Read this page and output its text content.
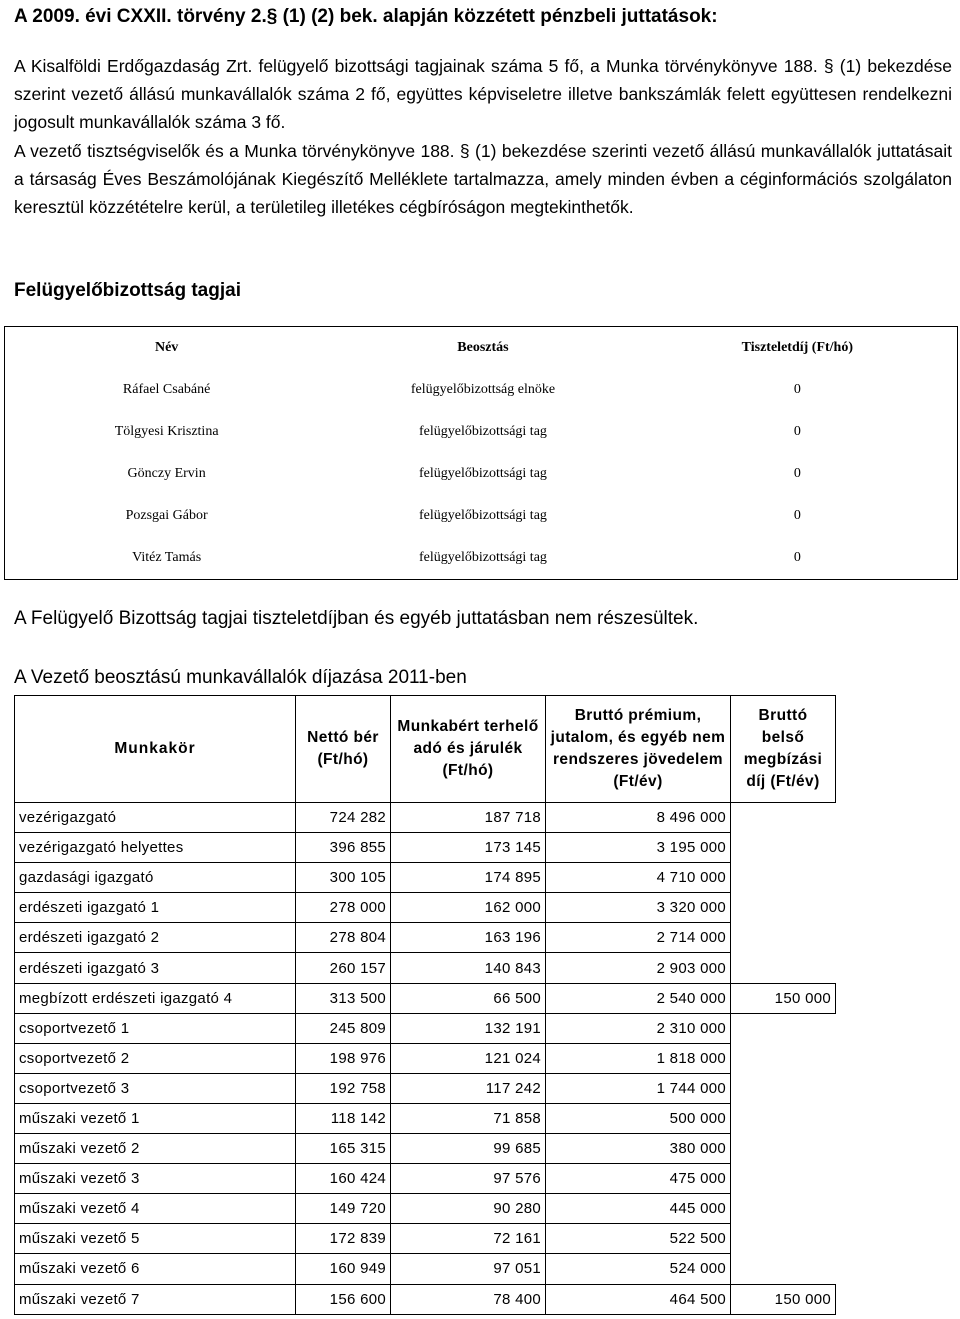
A 2009. évi CXXII. törvény 2.§ (1) (2) bek. alapján közzétett pénzbeli juttatások:

A Kisalföldi Erdőgazdaság Zrt. felügyelő bizottsági tagjainak száma 5 fő, a Munka törvénykönyve 188. § (1) bekezdése szerint vezető állású munkavállalók száma 2 fő, együttes képviseletre illetve bankszámlák felett együttesen rendelkezni jogosult munkavállalók száma 3 fő.

A vezető tisztségviselők és a Munka törvénykönyve 188. § (1) bekezdése szerinti vezető állású munkavállalók juttatásait a társaság Éves Beszámolójának Kiegészítő Melléklete tartalmazza, amely minden évben a céginformációs szolgálaton keresztül közzétételre kerül, a területileg illetékes cégbíróságon megtekinthetők.

Felügyelőbizottság tagjai
Név	Beosztás	Tiszteletdíj (Ft/hó)
Ráfael Csabáné	felügyelőbizottság elnöke	0
Tölgyesi Krisztina	felügyelőbizottsági tag	0
Gönczy Ervin	felügyelőbizottsági tag	0
Pozsgai Gábor	felügyelőbizottsági tag	0
Vitéz Tamás	felügyelőbizottsági tag	0
A Felügyelő Bizottság tagjai tiszteletdíjban és egyéb juttatásban nem részesültek.
A Vezető beosztású munkavállalók díjazása 2011-ben
Munkakör	Nettó bér (Ft/hó)	Munkabért terhelő adó és járulék (Ft/hó)	Bruttó prémium, jutalom, és egyéb nem rendszeres jövedelem (Ft/év)	Bruttó belső megbízási díj (Ft/év)
vezérigazgató	724 282	187 718	8 496 000	
vezérigazgató helyettes	396 855	173 145	3 195 000	
gazdasági igazgató	300 105	174 895	4 710 000	
erdészeti igazgató 1	278 000	162 000	3 320 000	
erdészeti igazgató 2	278 804	163 196	2 714 000	
erdészeti igazgató 3	260 157	140 843	2 903 000	
megbízott erdészeti igazgató 4	313 500	66 500	2 540 000	150 000
csoportvezető 1	245 809	132 191	2 310 000	
csoportvezető 2	198 976	121 024	1 818 000	
csoportvezető 3	192 758	117 242	1 744 000	
műszaki vezető 1	118 142	71 858	500 000	
műszaki vezető 2	165 315	99 685	380 000	
műszaki vezető 3	160 424	97 576	475 000	
műszaki vezető 4	149 720	90 280	445 000	
műszaki vezető 5	172 839	72 161	522 500	
műszaki vezető 6	160 949	97 051	524 000	
műszaki vezető 7	156 600	78 400	464 500	150 000
